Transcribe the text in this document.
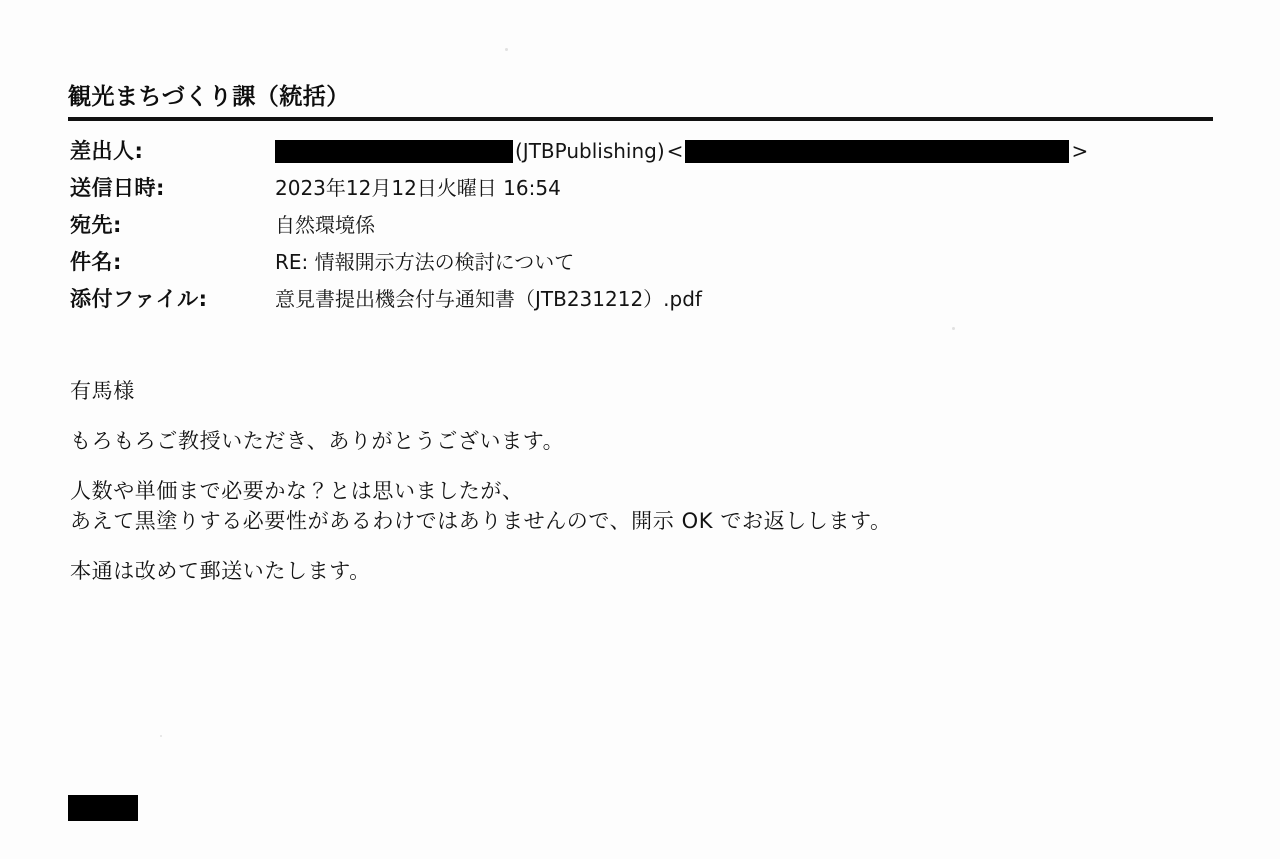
観光まちづくり課（統括）
差出人:	(JTBPublishing) <	>
送信日時:	2023年12月12日火曜日 16:54
宛先:	自然環境係
件名:	RE: 情報開示方法の検討について
添付ファイル:	意見書提出機会付与通知書（JTB231212）.pdf

有馬様

もろもろご教授いただき、ありがとうございます。

人数や単価まで必要かな？とは思いましたが、

あえて黒塗りする必要性があるわけではありませんので、開示 OK でお返しします。

本通は改めて郵送いたします。
